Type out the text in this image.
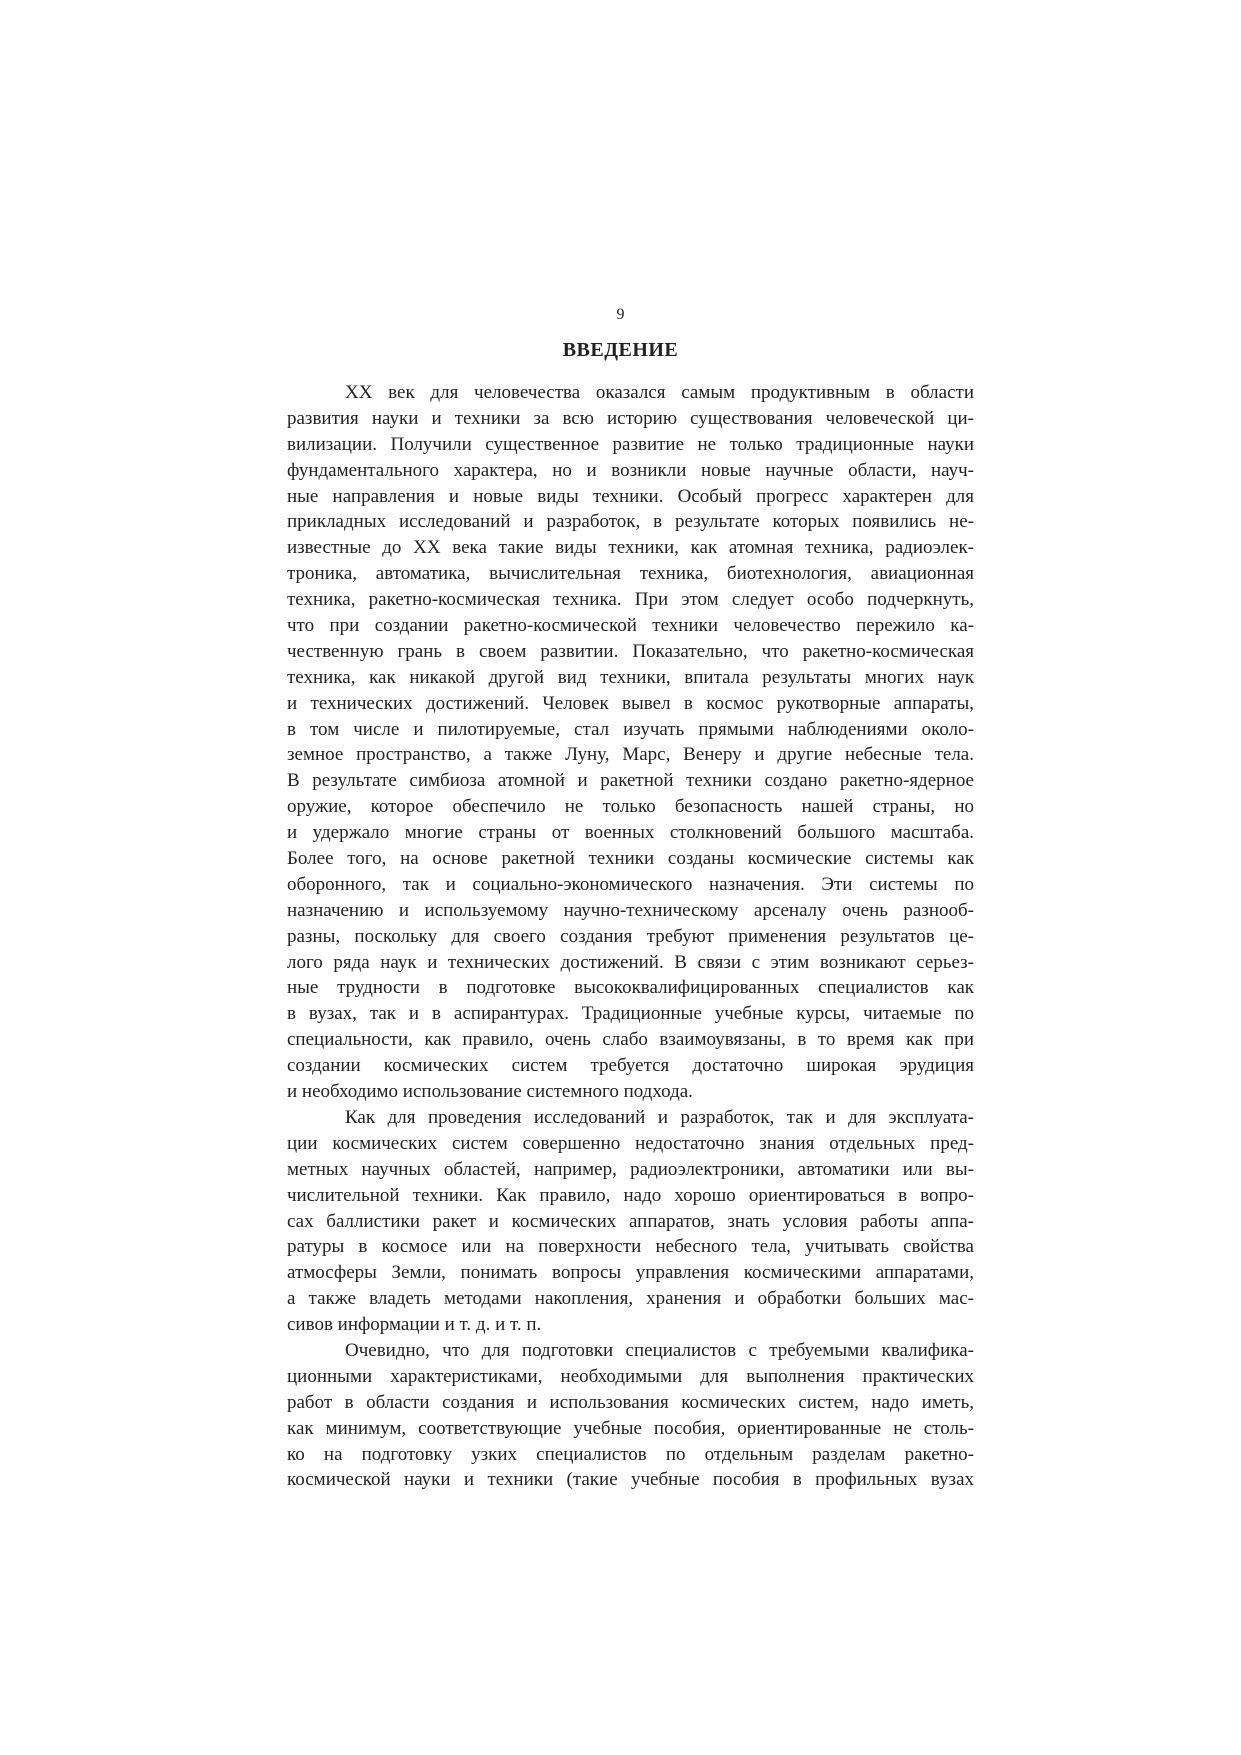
9
ВВЕДЕНИЕ
XX век для человечества оказался самым продуктивным в области
развития науки и техники за всю историю существования человеческой ци-
вилизации. Получили существенное развитие не только традиционные науки
фундаментального характера, но и возникли новые научные области, науч-
ные направления и новые виды техники. Особый прогресс характерен для
прикладных исследований и разработок, в результате которых появились не-
известные до XX века такие виды техники, как атомная техника, радиоэлек-
троника, автоматика, вычислительная техника, биотехнология, авиационная
техника, ракетно-космическая техника. При этом следует особо подчеркнуть,
что при создании ракетно-космической техники человечество пережило ка-
чественную грань в своем развитии. Показательно, что ракетно-космическая
техника, как никакой другой вид техники, впитала результаты многих наук
и технических достижений. Человек вывел в космос рукотворные аппараты,
в том числе и пилотируемые, стал изучать прямыми наблюдениями около-
земное пространство, а также Луну, Марс, Венеру и другие небесные тела.
В результате симбиоза атомной и ракетной техники создано ракетно-ядерное
оружие, которое обеспечило не только безопасность нашей страны, но
и удержало многие страны от военных столкновений большого масштаба.
Более того, на основе ракетной техники созданы космические системы как
оборонного, так и социально-экономического назначения. Эти системы по
назначению и используемому научно-техническому арсеналу очень разнооб-
разны, поскольку для своего создания требуют применения результатов це-
лого ряда наук и технических достижений. В связи с этим возникают серьез-
ные трудности в подготовке высококвалифицированных специалистов как
в вузах, так и в аспирантурах. Традиционные учебные курсы, читаемые по
специальности, как правило, очень слабо взаимоувязаны, в то время как при
создании космических систем требуется достаточно широкая эрудиция
и необходимо использование системного подхода.
Как для проведения исследований и разработок, так и для эксплуата-
ции космических систем совершенно недостаточно знания отдельных пред-
метных научных областей, например, радиоэлектроники, автоматики или вы-
числительной техники. Как правило, надо хорошо ориентироваться в вопро-
сах баллистики ракет и космических аппаратов, знать условия работы аппа-
ратуры в космосе или на поверхности небесного тела, учитывать свойства
атмосферы Земли, понимать вопросы управления космическими аппаратами,
а также владеть методами накопления, хранения и обработки больших мас-
сивов информации и т. д. и т. п.
Очевидно, что для подготовки специалистов с требуемыми квалифика-
ционными характеристиками, необходимыми для выполнения практических
работ в области создания и использования космических систем, надо иметь,
как минимум, соответствующие учебные пособия, ориентированные не столь-
ко на подготовку узких специалистов по отдельным разделам ракетно-
космической науки и техники (такие учебные пособия в профильных вузах
